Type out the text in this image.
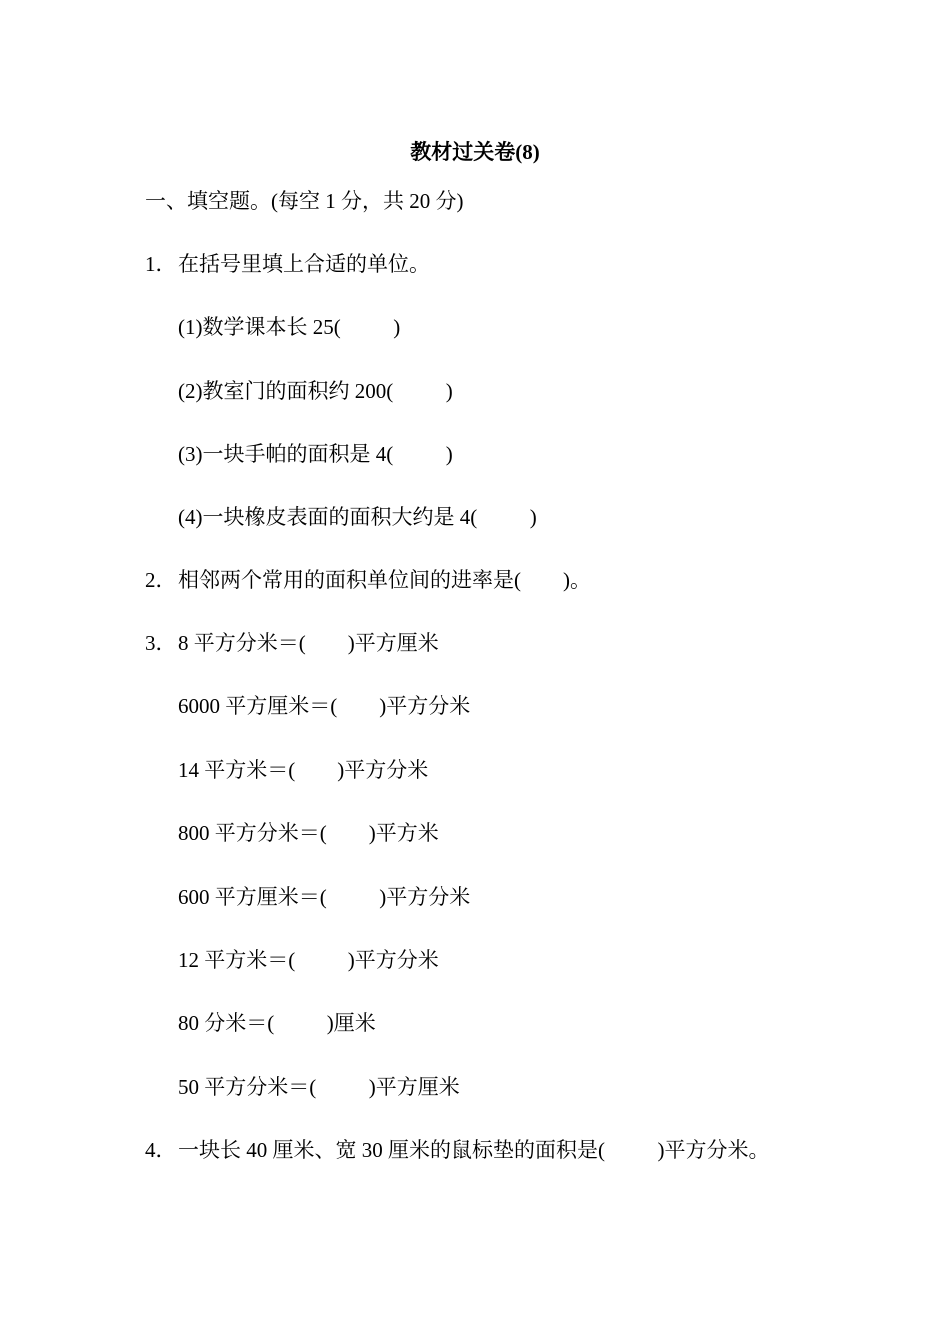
教材过关卷(8)
一、填空题。(每空 1 分，共 20 分)
1．在括号里填上合适的单位。
(1)数学课本长 25(          )
(2)教室门的面积约 200(          )
(3)一块手帕的面积是 4(          )
(4)一块橡皮表面的面积大约是 4(          )
2．相邻两个常用的面积单位间的进率是(        )。
3．8 平方分米＝(        )平方厘米
6000 平方厘米＝(        )平方分米
14 平方米＝(        )平方分米
800 平方分米＝(        )平方米
600 平方厘米＝(          )平方分米
12 平方米＝(          )平方分米
80 分米＝(          )厘米
50 平方分米＝(          )平方厘米
4．一块长 40 厘米、宽 30 厘米的鼠标垫的面积是(          )平方分米。
